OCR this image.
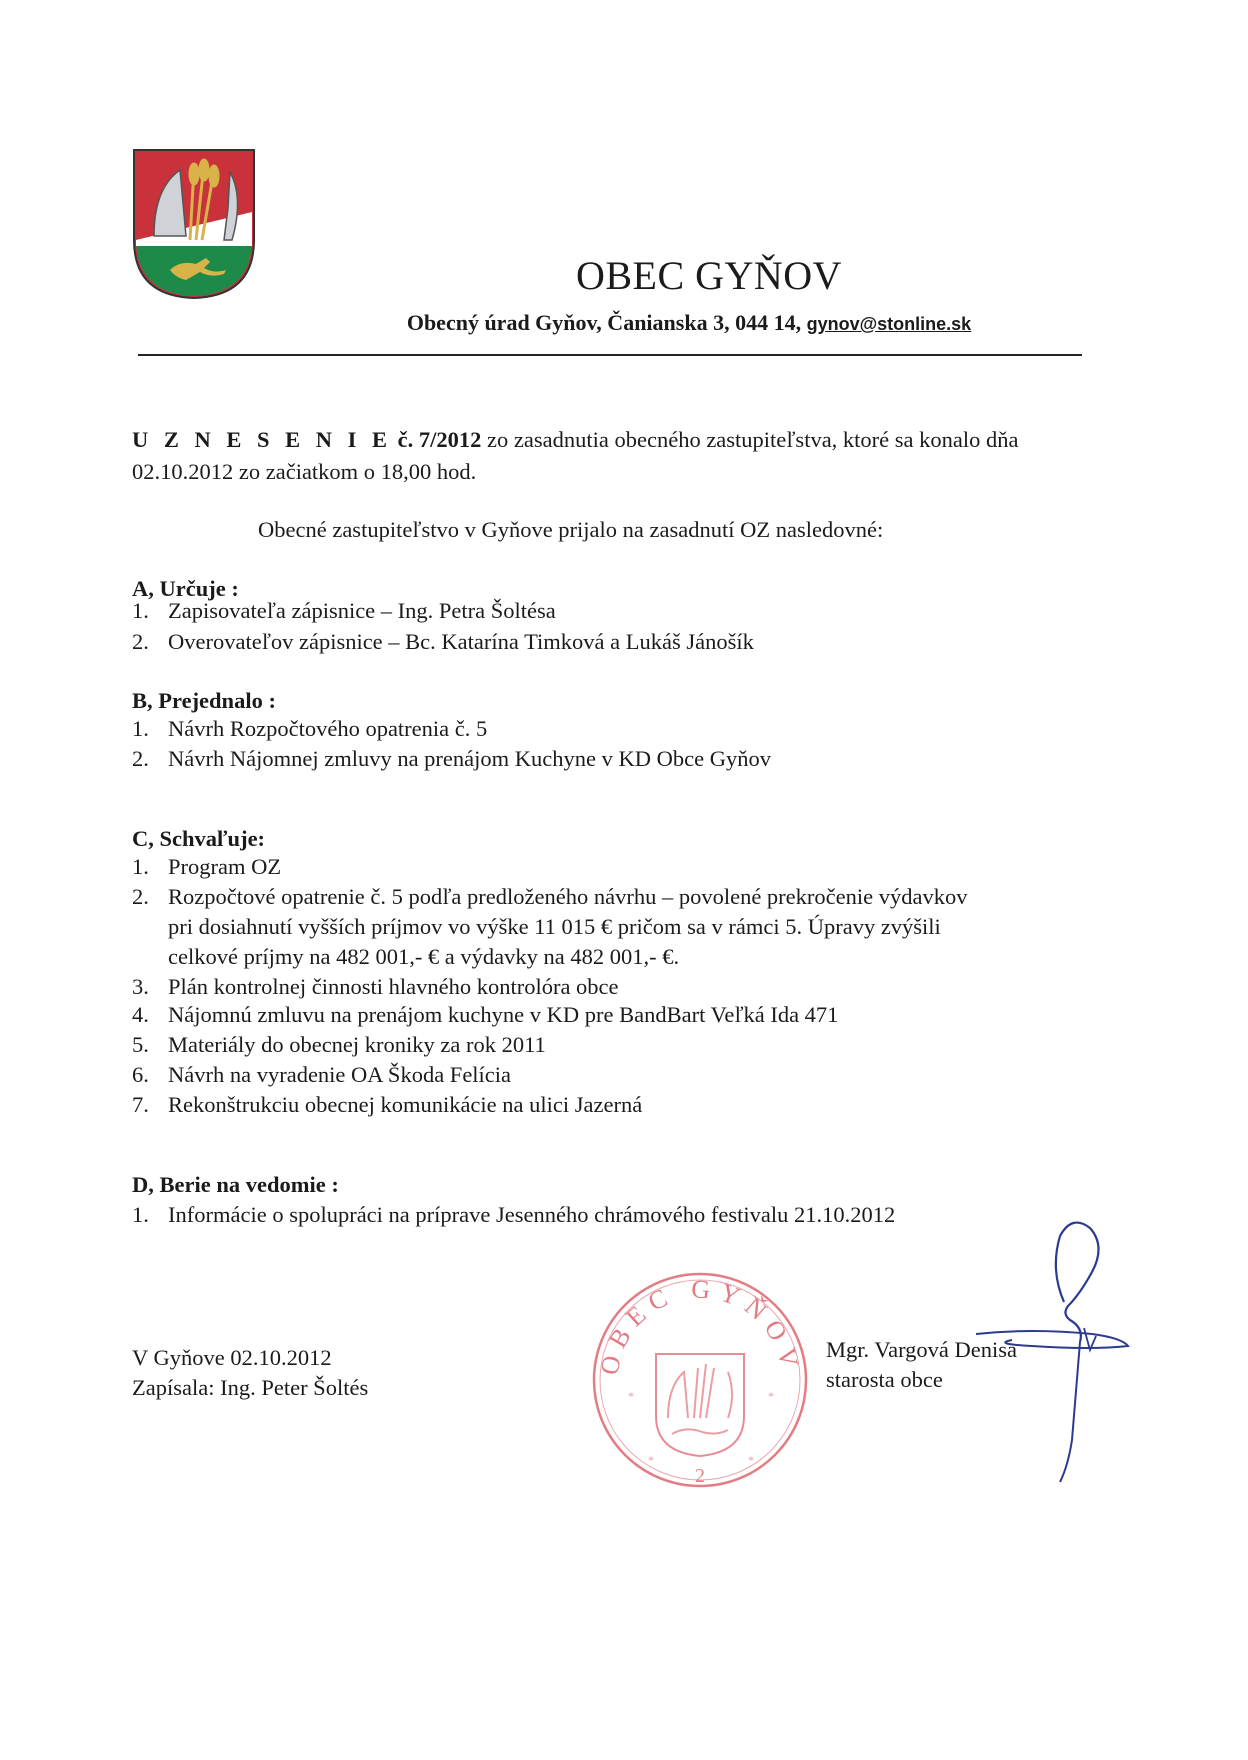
OBEC GYŇOV
Obecný úrad Gyňov, Čanianska 3, 044 14, gynov@stonline.sk
U Z N E S E N I E č. 7/2012 zo zasadnutia obecného zastupiteľstva, ktoré sa konalo dňa
02.10.2012 zo začiatkom o 18,00 hod.
Obecné zastupiteľstvo v Gyňove prijalo na zasadnutí OZ nasledovné:
A, Určuje :
1. Zapisovateľa zápisnice – Ing. Petra Šoltésa
2. Overovateľov zápisnice – Bc. Katarína Timková a Lukáš Jánošík
B, Prejednalo :
1. Návrh Rozpočtového opatrenia č. 5
2. Návrh Nájomnej zmluvy na prenájom Kuchyne v KD Obce Gyňov
C, Schvaľuje:
1. Program OZ
2. Rozpočtové opatrenie č. 5 podľa predloženého návrhu – povolené prekročenie výdavkov
pri dosiahnutí vyšších príjmov vo výške 11 015 € pričom sa v rámci 5. Úpravy zvýšili
celkové príjmy na 482 001,- € a výdavky na 482 001,- €.
3. Plán kontrolnej činnosti hlavného kontrolóra obce
4. Nájomnú zmluvu na prenájom kuchyne v KD pre BandBart Veľká Ida 471
5. Materiály do obecnej kroniky za rok 2011
6. Návrh na vyradenie OA Škoda Felícia
7. Rekonštrukciu obecnej komunikácie na ulici Jazerná
D, Berie na vedomie :
1. Informácie o spolupráci na príprave Jesenného chrámového festivalu 21.10.2012
V Gyňove 02.10.2012
Zapísala: Ing. Peter Šoltés
Mgr. Vargová Denisa
starosta obce
OBEC GYŇOV
*	*
*	*
2
